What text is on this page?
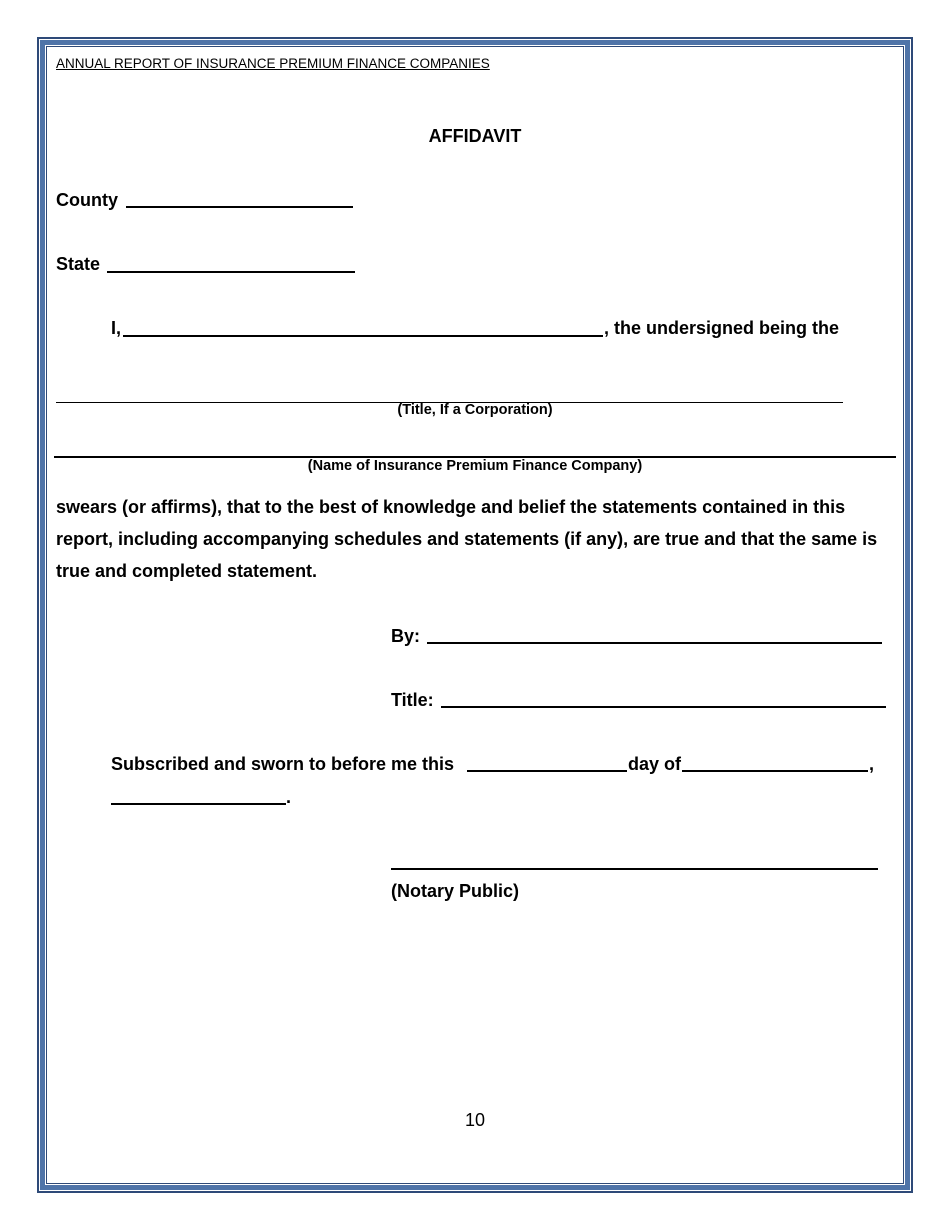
ANNUAL REPORT OF INSURANCE PREMIUM FINANCE COMPANIES
AFFIDAVIT
County
State
I,	, the undersigned being the
(Title, If a Corporation)
(Name of Insurance Premium Finance Company)
swears (or affirms), that to the best of knowledge and belief the statements contained in this report, including accompanying schedules and statements (if any), are true and that the same is true and completed statement.
By:
Title:
Subscribed and sworn to before me this	day of	,
.
(Notary Public)
10
